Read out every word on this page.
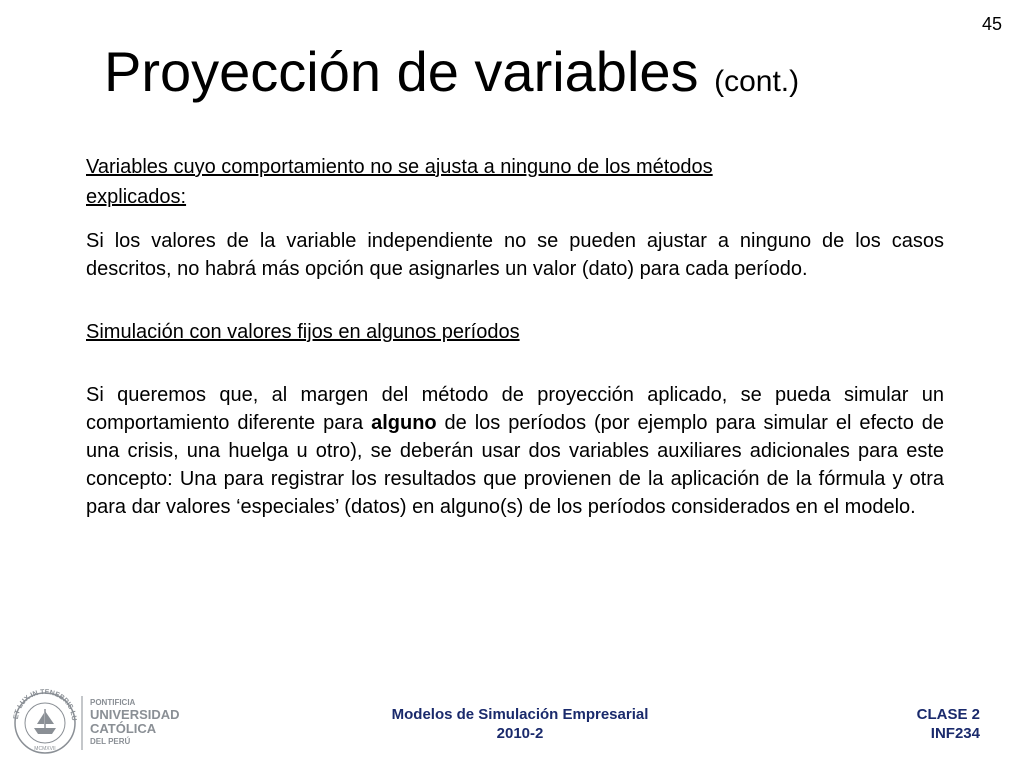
45
Proyección de variables (cont.)

Variables cuyo comportamiento no se ajusta a ninguno de los métodos
explicados:

Si los valores de la variable independiente no se pueden ajustar a ninguno de los casos descritos, no habrá más opción que asignarles un valor (dato) para cada período.

Simulación con valores fijos en algunos períodos

Si queremos que, al margen del método de proyección aplicado, se pueda simular un comportamiento diferente para alguno de los períodos (por ejemplo para simular el efecto de una crisis, una huelga u otro), se deberán usar dos variables auxiliares adicionales para este concepto: Una para registrar los resultados que provienen de la aplicación de la fórmula y otra para dar valores ‘especiales’ (datos) en alguno(s) de los períodos considerados en el modelo.

ET LUX IN TENEBRIS LU
MCMXVII
PONTIFICIA
UNIVERSIDAD
CATÓLICA
DEL PERÚ
Modelos de Simulación Empresarial
2010-2
CLASE 2
INF234
